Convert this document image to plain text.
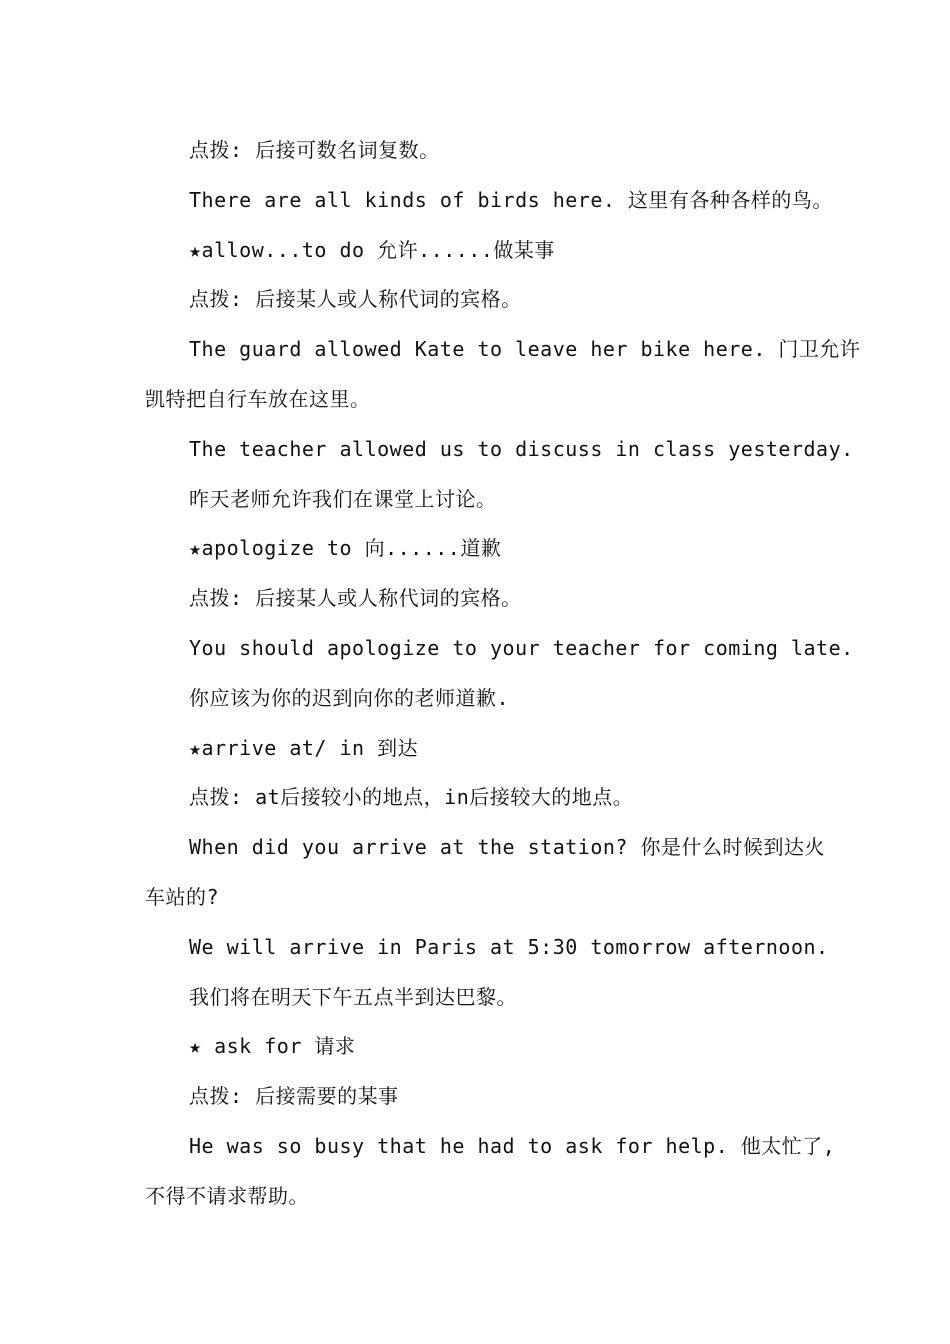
点拨: 后接可数名词复数。
There are all kinds of birds here. 这里有各种各样的鸟。
★allow...to do 允许......做某事
点拨: 后接某人或人称代词的宾格。
The guard allowed Kate to leave her bike here. 门卫允许
凯特把自行车放在这里。
The teacher allowed us to discuss in class yesterday.
昨天老师允许我们在课堂上讨论。
★apologize to 向......道歉
点拨: 后接某人或人称代词的宾格。
You should apologize to your teacher for coming late.
你应该为你的迟到向你的老师道歉.
★arrive at/ in 到达
点拨: at后接较小的地点，in后接较大的地点。
When did you arrive at the station? 你是什么时候到达火
车站的?
We will arrive in Paris at 5:30 tomorrow afternoon.
我们将在明天下午五点半到达巴黎。
★ ask for 请求
点拨: 后接需要的某事
He was so busy that he had to ask for help. 他太忙了,
不得不请求帮助。
